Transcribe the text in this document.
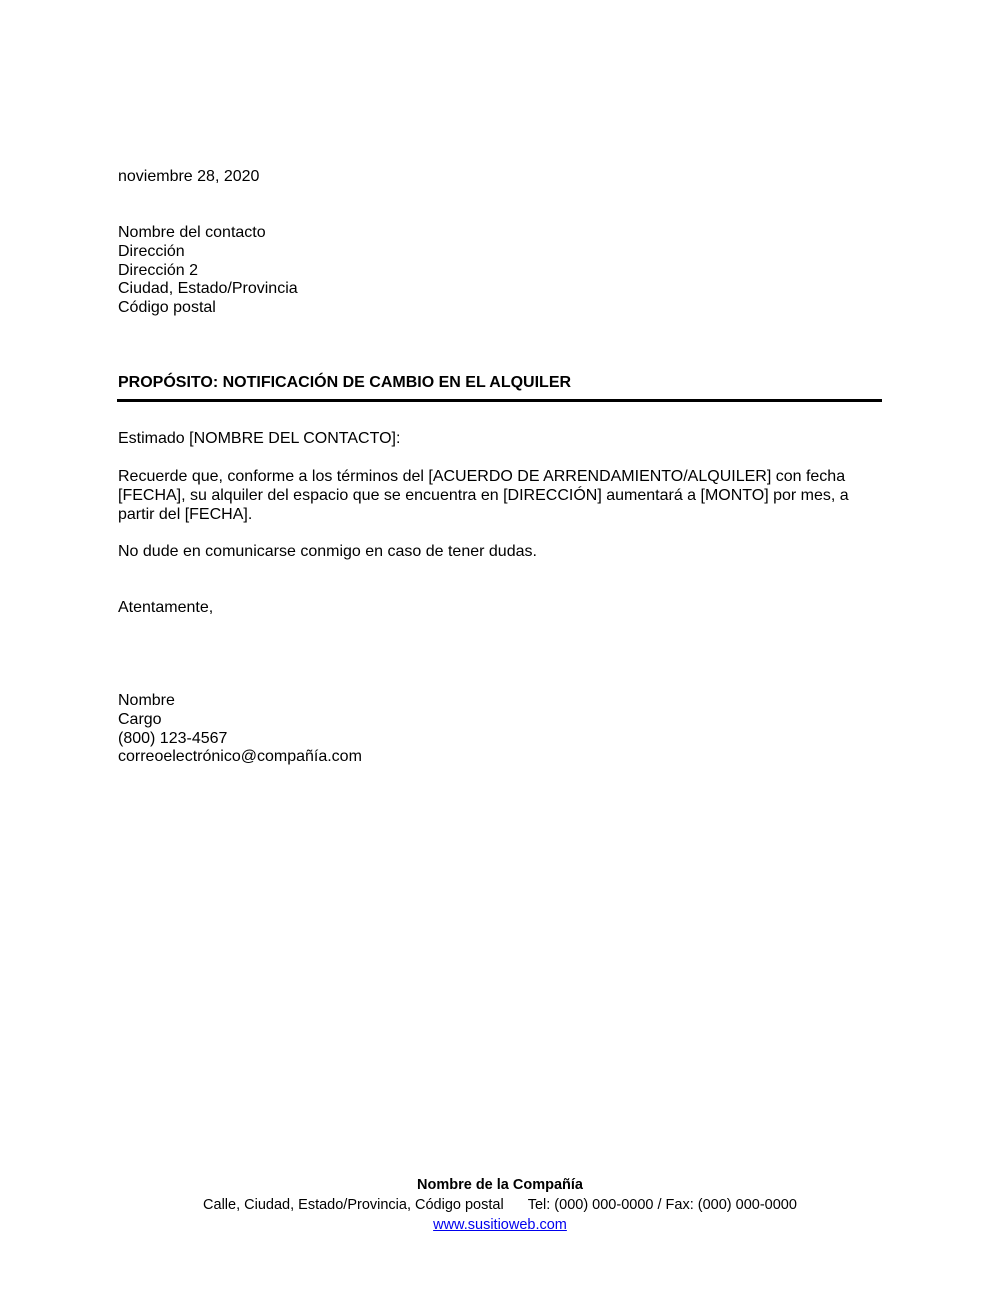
noviembre 28, 2020
Nombre del contacto
Dirección
Dirección 2
Ciudad, Estado/Provincia
Código postal
PROPÓSITO: NOTIFICACIÓN DE CAMBIO EN EL ALQUILER
Estimado [NOMBRE DEL CONTACTO]:
Recuerde que, conforme a los términos del [ACUERDO DE ARRENDAMIENTO/ALQUILER] con fecha [FECHA], su alquiler del espacio que se encuentra en [DIRECCIÓN] aumentará a [MONTO] por mes, a partir del [FECHA].
No dude en comunicarse conmigo en caso de tener dudas.
Atentamente,
Nombre
Cargo
(800) 123-4567
correoelectrónico@compañía.com
Nombre de la Compañía
Calle, Ciudad, Estado/Provincia, Código postal Tel: (000) 000-0000 / Fax: (000) 000-0000
www.susitioweb.com
